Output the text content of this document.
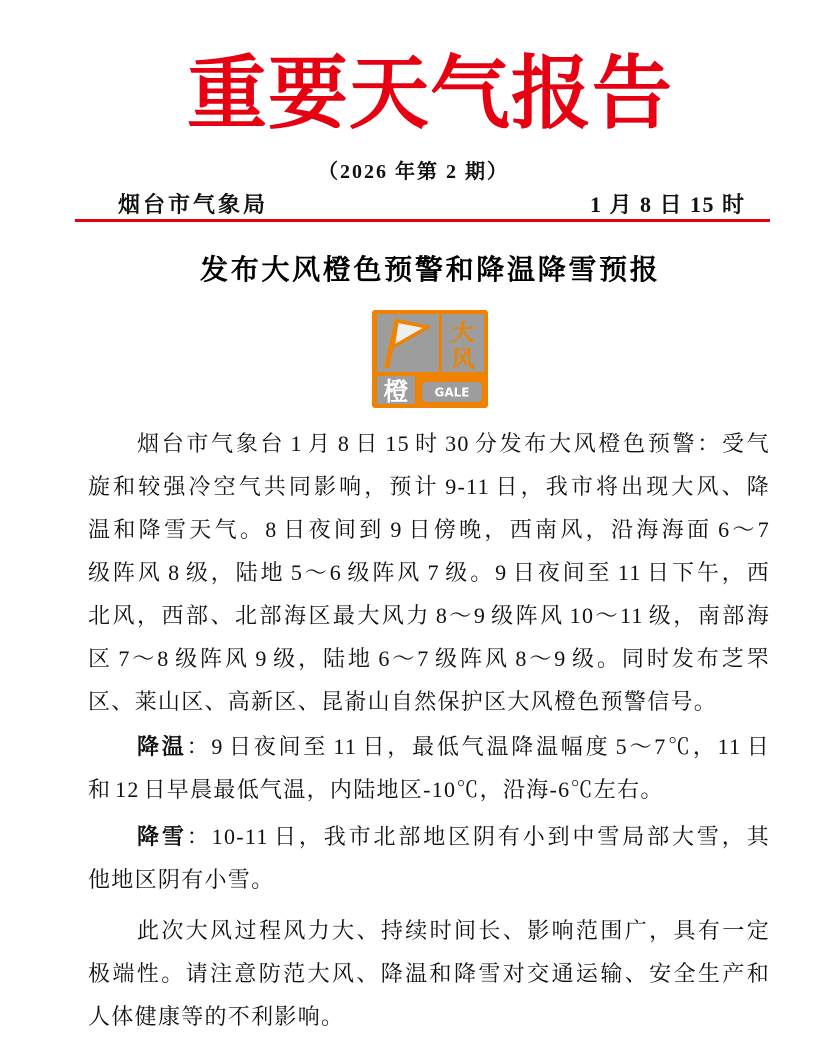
重要天气报告
（2026 年第 2 期）
烟台市气象局	1 月 8 日 15 时
发布大风橙色预警和降温降雪预报
大
风
橙 GALE
烟台市气象台 1 月 8 日 15 时 30 分发布大风橙色预警：受气
旋和较强冷空气共同影响，预计 9-11 日，我市将出现大风、降
温和降雪天气。8 日夜间到 9 日傍晚，西南风，沿海海面 6～7
级阵风 8 级，陆地 5～6 级阵风 7 级。9 日夜间至 11 日下午，西
北风，西部、北部海区最大风力 8～9 级阵风 10～11 级，南部海
区 7～8 级阵风 9 级，陆地 6～7 级阵风 8～9 级。同时发布芝罘
区、莱山区、高新区、昆嵛山自然保护区大风橙色预警信号。
降温：9 日夜间至 11 日，最低气温降温幅度 5～7℃，11 日
和 12 日早晨最低气温，内陆地区-10℃，沿海-6℃左右。
降雪：10-11 日，我市北部地区阴有小到中雪局部大雪，其
他地区阴有小雪。
此次大风过程风力大、持续时间长、影响范围广，具有一定
极端性。请注意防范大风、降温和降雪对交通运输、安全生产和
人体健康等的不利影响。
